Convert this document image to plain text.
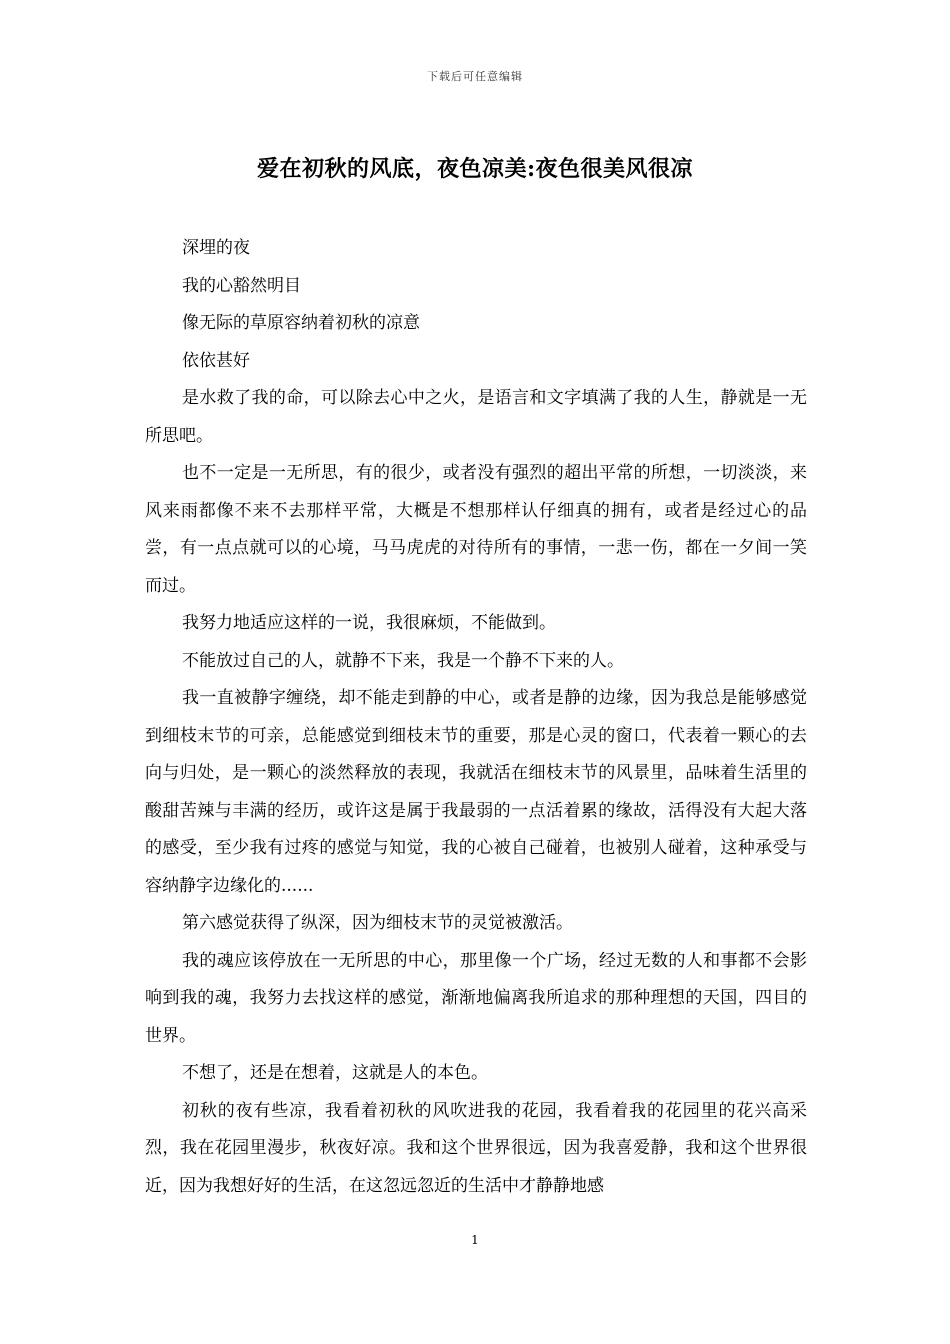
下载后可任意编辑
爱在初秋的风底，夜色凉美:夜色很美风很凉

深埋的夜

我的心豁然明目

像无际的草原容纳着初秋的凉意

依依甚好

是水救了我的命，可以除去心中之火，是语言和文字填满了我的人生，静就是一无所思吧。

也不一定是一无所思，有的很少，或者没有强烈的超出平常的所想，一切淡淡，来风来雨都像不来不去那样平常，大概是不想那样认仔细真的拥有，或者是经过心的品尝，有一点点就可以的心境，马马虎虎的对待所有的事情，一悲一伤，都在一夕间一笑而过。

我努力地适应这样的一说，我很麻烦，不能做到。

不能放过自己的人，就静不下来，我是一个静不下来的人。

我一直被静字缠绕，却不能走到静的中心，或者是静的边缘，因为我总是能够感觉到细枝末节的可亲，总能感觉到细枝末节的重要，那是心灵的窗口，代表着一颗心的去向与归处，是一颗心的淡然释放的表现，我就活在细枝末节的风景里，品味着生活里的酸甜苦辣与丰满的经历，或许这是属于我最弱的一点活着累的缘故，活得没有大起大落的感受，至少我有过疼的感觉与知觉，我的心被自己碰着，也被别人碰着，这种承受与容纳静字边缘化的......

第六感觉获得了纵深，因为细枝末节的灵觉被激活。

我的魂应该停放在一无所思的中心，那里像一个广场，经过无数的人和事都不会影响到我的魂，我努力去找这样的感觉，渐渐地偏离我所追求的那种理想的天国，四目的世界。

不想了，还是在想着，这就是人的本色。

初秋的夜有些凉，我看着初秋的风吹进我的花园，我看着我的花园里的花兴高采烈，我在花园里漫步，秋夜好凉。我和这个世界很远，因为我喜爱静，我和这个世界很近，因为我想好好的生活，在这忽远忽近的生活中才静静地感

1
